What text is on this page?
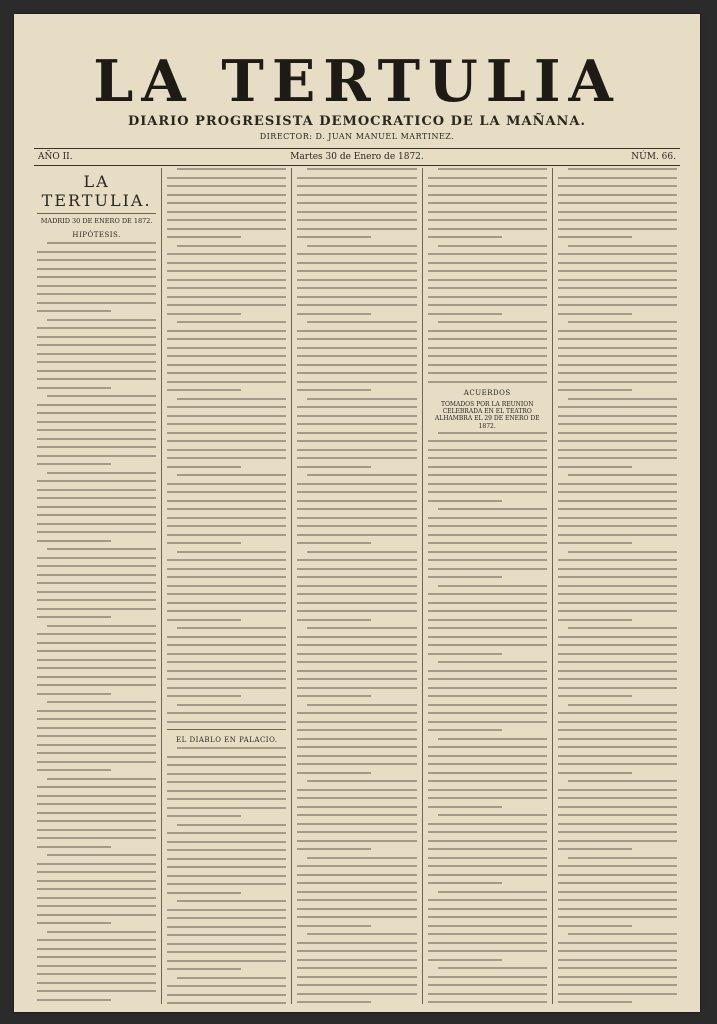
LA TERTULIA
DIARIO PROGRESISTA DEMOCRATICO DE LA MAÑANA.
DIRECTOR: D. JUAN MANUEL MARTINEZ.
AÑO II.	Martes 30 de Enero de 1872.	NÚM. 66.
LA TERTULIA.
MADRID 30 DE ENERO DE 1872.
HIPÓTESIS.
EL DIABLO EN PALACIO.
ACUERDOS
TOMADOS POR LA REUNION CELEBRADA EN EL TEATRO ALHAMBRA EL 29 DE ENERO DE 1872.
